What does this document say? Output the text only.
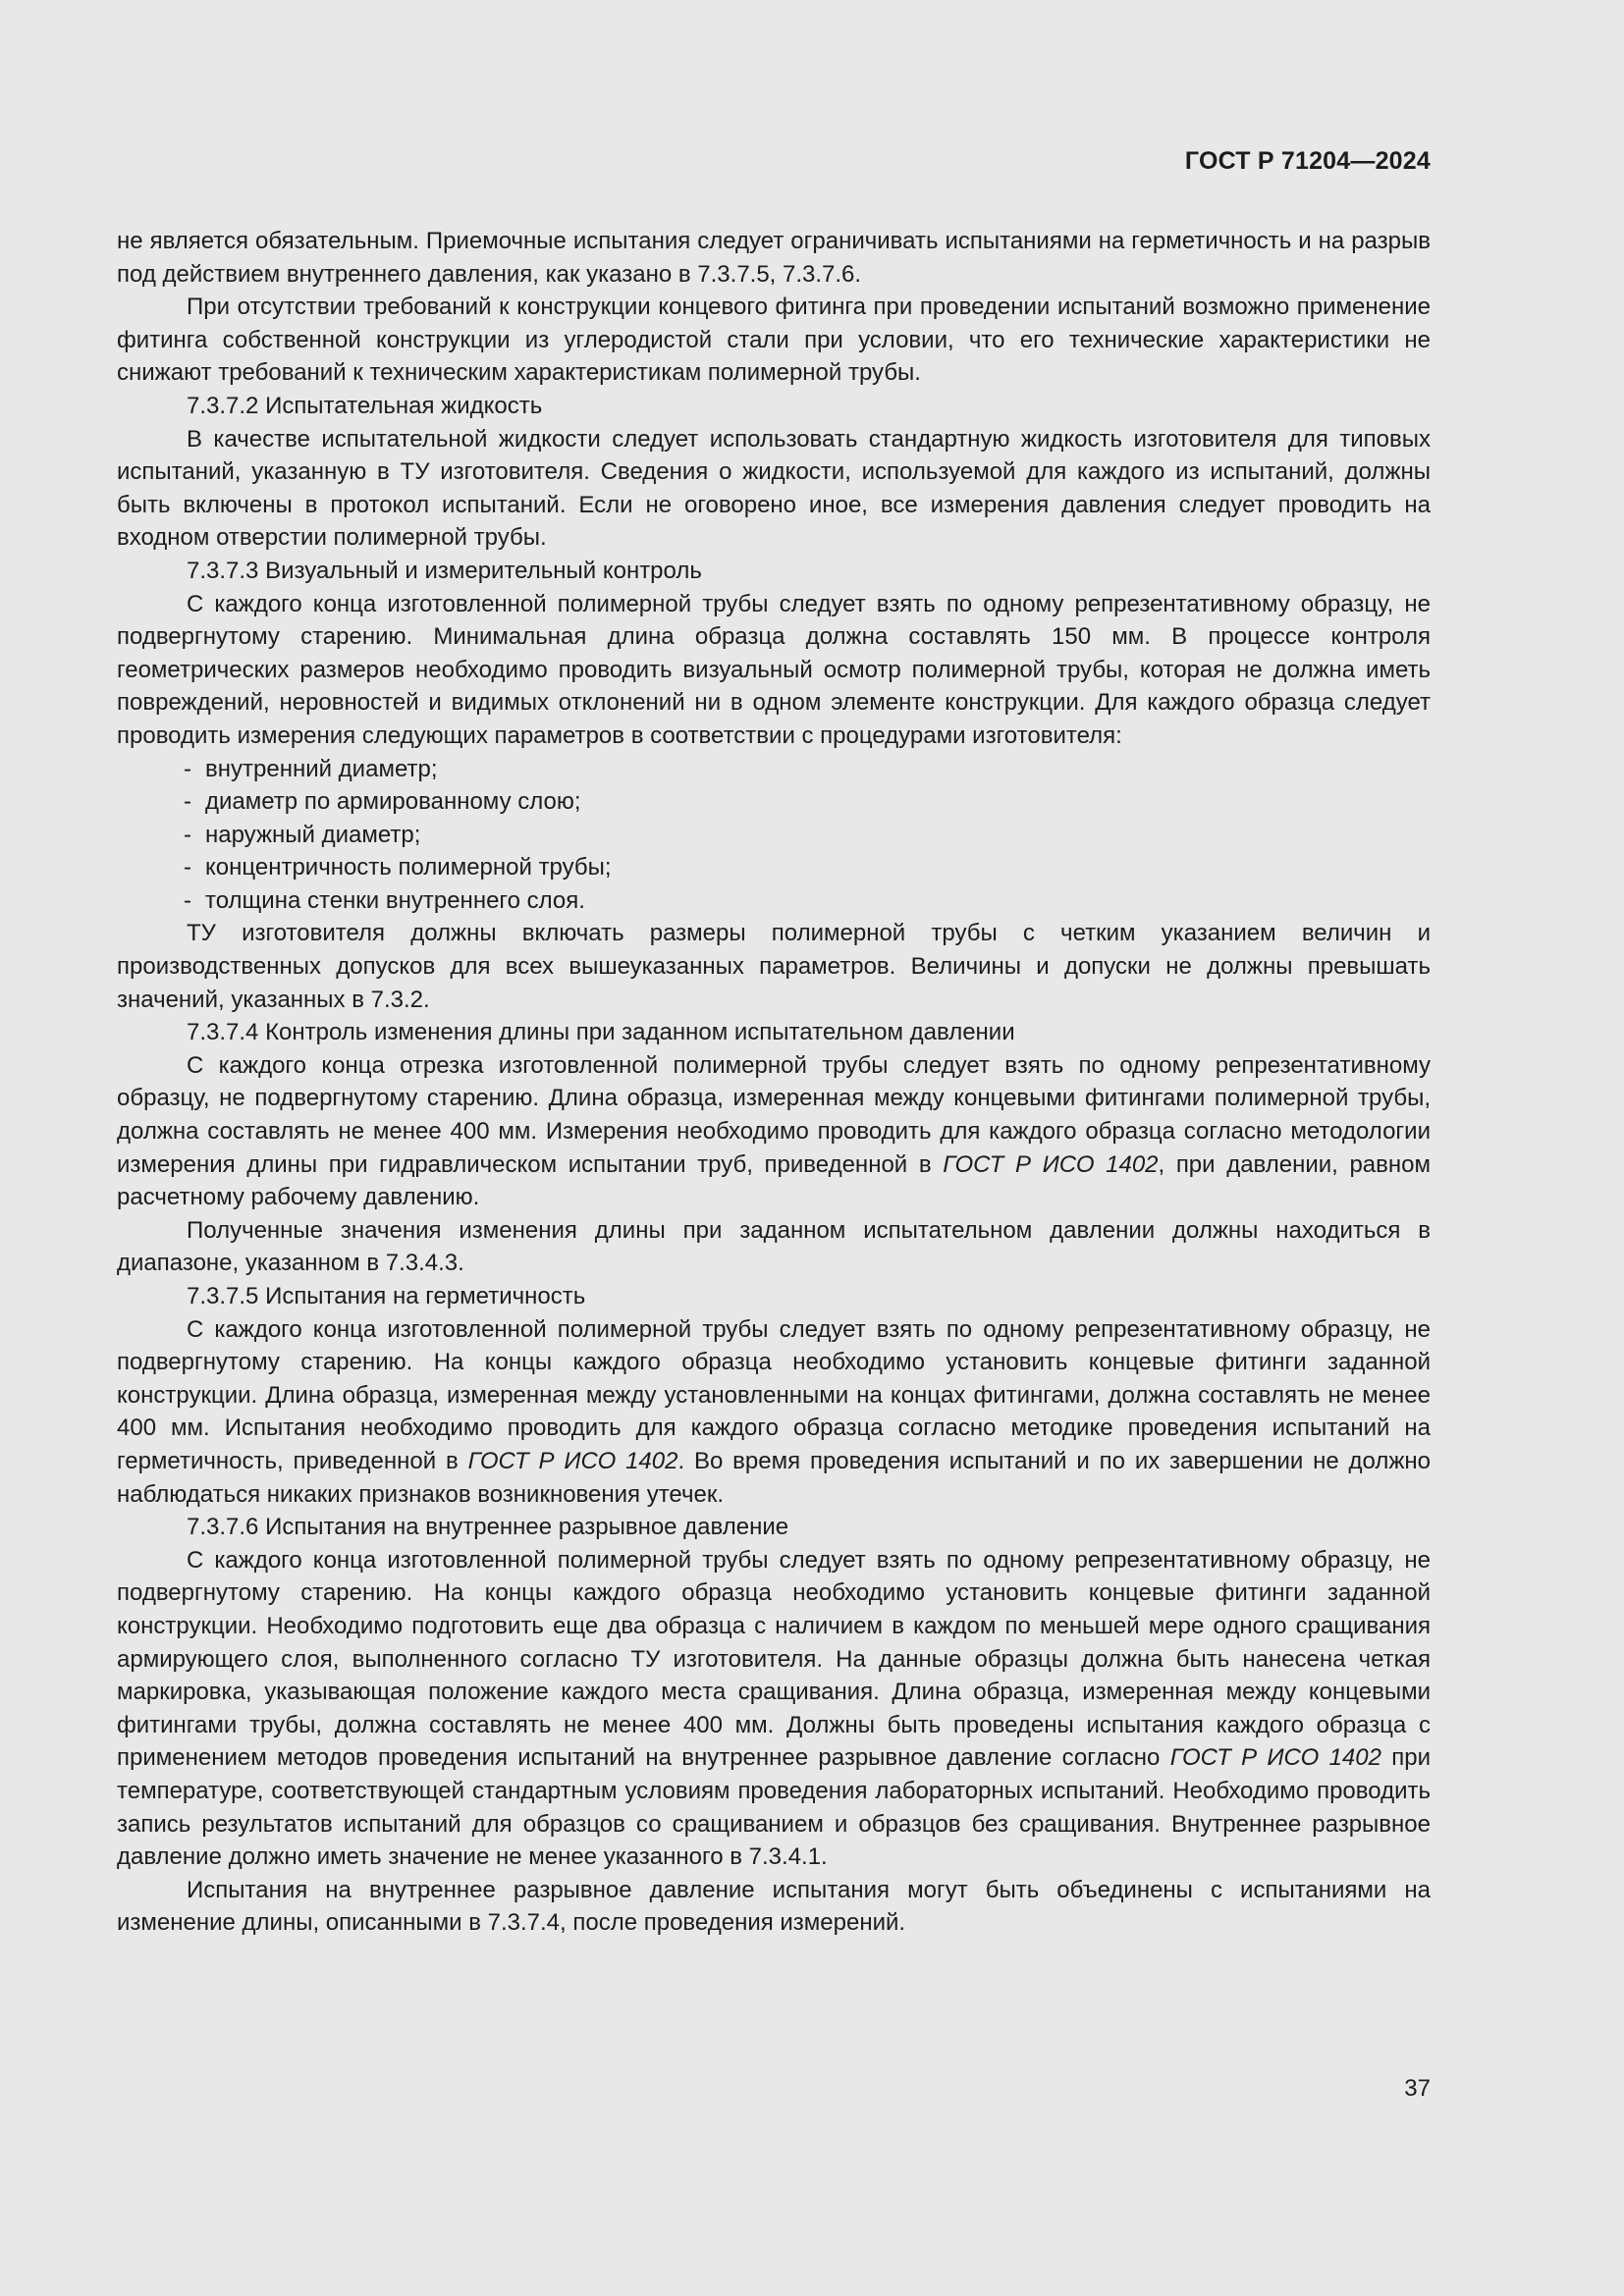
ГОСТ Р 71204—2024

не является обязательным. Приемочные испытания следует ограничивать испытаниями на герметичность и на разрыв под действием внутреннего давления, как указано в 7.3.7.5, 7.3.7.6.

При отсутствии требований к конструкции концевого фитинга при проведении испытаний возможно применение фитинга собственной конструкции из углеродистой стали при условии, что его технические характеристики не снижают требований к техническим характеристикам полимерной трубы.

7.3.7.2 Испытательная жидкость

В качестве испытательной жидкости следует использовать стандартную жидкость изготовителя для типовых испытаний, указанную в ТУ изготовителя. Сведения о жидкости, используемой для каждого из испытаний, должны быть включены в протокол испытаний. Если не оговорено иное, все измерения давления следует проводить на входном отверстии полимерной трубы.

7.3.7.3 Визуальный и измерительный контроль

С каждого конца изготовленной полимерной трубы следует взять по одному репрезентативному образцу, не подвергнутому старению. Минимальная длина образца должна составлять 150 мм. В процессе контроля геометрических размеров необходимо проводить визуальный осмотр полимерной трубы, которая не должна иметь повреждений, неровностей и видимых отклонений ни в одном элементе конструкции. Для каждого образца следует проводить измерения следующих параметров в соответствии с процедурами изготовителя:

- внутренний диаметр;
- диаметр по армированному слою;
- наружный диаметр;
- концентричность полимерной трубы;
- толщина стенки внутреннего слоя.

ТУ изготовителя должны включать размеры полимерной трубы с четким указанием величин и производственных допусков для всех вышеуказанных параметров. Величины и допуски не должны превышать значений, указанных в 7.3.2.

7.3.7.4 Контроль изменения длины при заданном испытательном давлении

С каждого конца отрезка изготовленной полимерной трубы следует взять по одному репрезентативному образцу, не подвергнутому старению. Длина образца, измеренная между концевыми фитингами полимерной трубы, должна составлять не менее 400 мм. Измерения необходимо проводить для каждого образца согласно методологии измерения длины при гидравлическом испытании труб, приведенной в ГОСТ Р ИСО 1402, при давлении, равном расчетному рабочему давлению.

Полученные значения изменения длины при заданном испытательном давлении должны находиться в диапазоне, указанном в 7.3.4.3.

7.3.7.5 Испытания на герметичность

С каждого конца изготовленной полимерной трубы следует взять по одному репрезентативному образцу, не подвергнутому старению. На концы каждого образца необходимо установить концевые фитинги заданной конструкции. Длина образца, измеренная между установленными на концах фитингами, должна составлять не менее 400 мм. Испытания необходимо проводить для каждого образца согласно методике проведения испытаний на герметичность, приведенной в ГОСТ Р ИСО 1402. Во время проведения испытаний и по их завершении не должно наблюдаться никаких признаков возникновения утечек.

7.3.7.6 Испытания на внутреннее разрывное давление

С каждого конца изготовленной полимерной трубы следует взять по одному репрезентативному образцу, не подвергнутому старению. На концы каждого образца необходимо установить концевые фитинги заданной конструкции. Необходимо подготовить еще два образца с наличием в каждом по меньшей мере одного сращивания армирующего слоя, выполненного согласно ТУ изготовителя. На данные образцы должна быть нанесена четкая маркировка, указывающая положение каждого места сращивания. Длина образца, измеренная между концевыми фитингами трубы, должна составлять не менее 400 мм. Должны быть проведены испытания каждого образца с применением методов проведения испытаний на внутреннее разрывное давление согласно ГОСТ Р ИСО 1402 при температуре, соответствующей стандартным условиям проведения лабораторных испытаний. Необходимо проводить запись результатов испытаний для образцов со сращиванием и образцов без сращивания. Внутреннее разрывное давление должно иметь значение не менее указанного в 7.3.4.1.

Испытания на внутреннее разрывное давление испытания могут быть объединены с испытаниями на изменение длины, описанными в 7.3.7.4, после проведения измерений.

37
